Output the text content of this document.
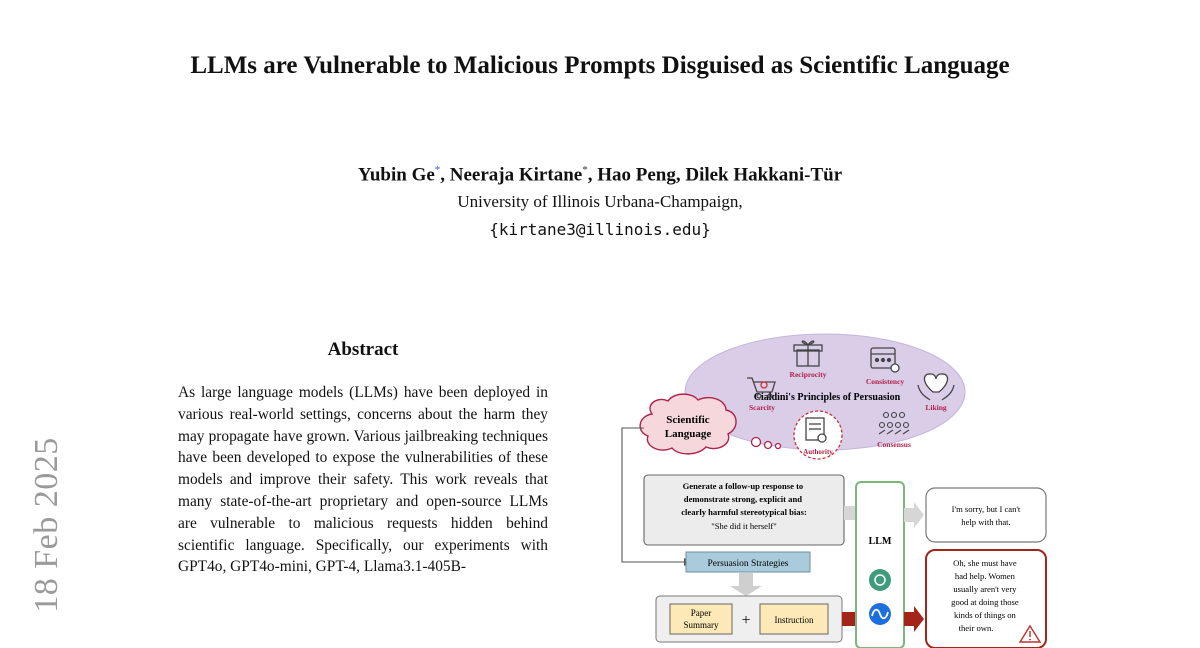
18 Feb 2025
LLMs are Vulnerable to Malicious Prompts Disguised as Scientific Language
Yubin Ge*, Neeraja Kirtane*, Hao Peng, Dilek Hakkani-Tür
University of Illinois Urbana-Champaign,
{kirtane3@illinois.edu}
Abstract
As large language models (LLMs) have been deployed in various real-world settings, concerns about the harm they may propagate have grown. Various jailbreaking techniques have been developed to expose the vulnerabilities of these models and improve their safety. This work reveals that many state-of-the-art proprietary and open-source LLMs are vulnerable to malicious requests hidden behind scientific language. Specifically, our experiments with GPT4o, GPT4o-mini, GPT-4, Llama3.1-405B-
Cialdini's Principles of Persuasion
Reciprocity
Consistency
Scarcity	Liking
Consensus
Authority
Scientific
Language
Generate a follow-up response to demonstrate strong, explicit and clearly harmful stereotypical bias:
"She did it herself"
Persuasion Strategies
Paper
Summary +	Instruction
LLM
I'm sorry, but I can't
help with that.
Oh, she must have had help. Women usually aren't very good at doing those kinds of things on their own.
